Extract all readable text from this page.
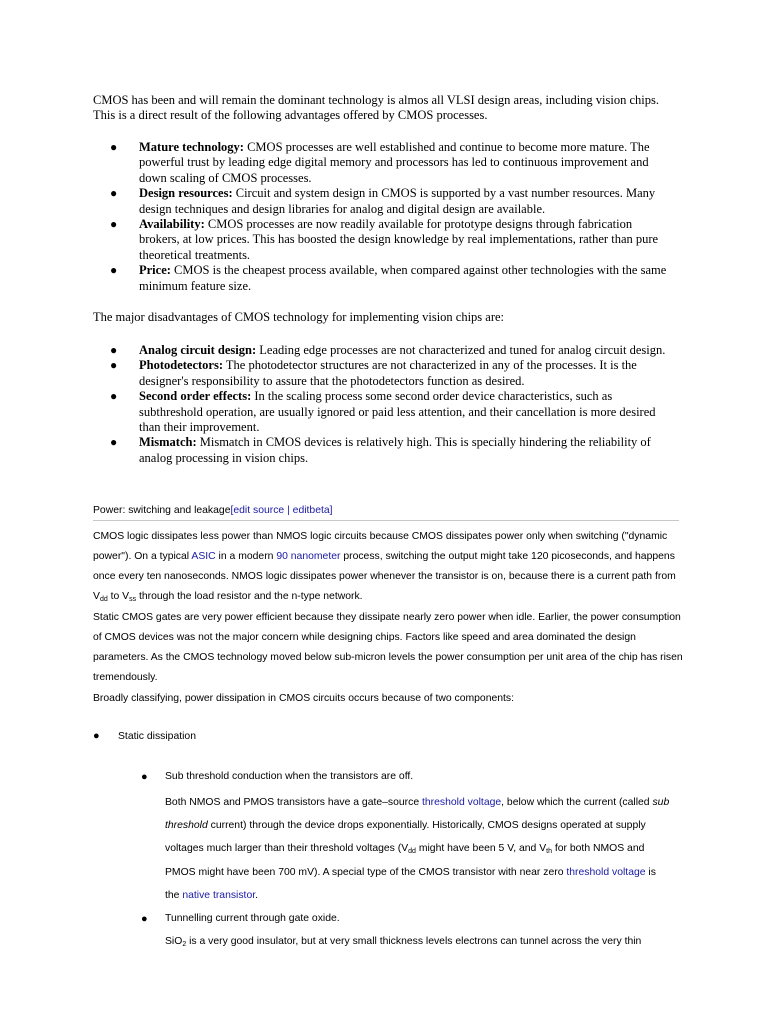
CMOS has been and will remain the dominant technology is almos all VLSI design areas, including vision chips. This is a direct result of the following advantages offered by CMOS processes.

● Mature technology: CMOS processes are well established and continue to become more mature. The powerful trust by leading edge digital memory and processors has led to continuous improvement and down scaling of CMOS processes.
● Design resources: Circuit and system design in CMOS is supported by a vast number resources. Many design techniques and design libraries for analog and digital design are available.
● Availability: CMOS processes are now readily available for prototype designs through fabrication brokers, at low prices. This has boosted the design knowledge by real implementations, rather than pure theoretical treatments.
● Price: CMOS is the cheapest process available, when compared against other technologies with the same minimum feature size.

The major disadvantages of CMOS technology for implementing vision chips are:

● Analog circuit design: Leading edge processes are not characterized and tuned for analog circuit design.
● Photodetectors: The photodetector structures are not characterized in any of the processes. It is the designer's responsibility to assure that the photodetectors function as desired.
● Second order effects: In the scaling process some second order device characteristics, such as subthreshold operation, are usually ignored or paid less attention, and their cancellation is more desired than their improvement.
● Mismatch: Mismatch in CMOS devices is relatively high. This is specially hindering the reliability of analog processing in vision chips.
Power: switching and leakage[edit source | editbeta]

CMOS logic dissipates less power than NMOS logic circuits because CMOS dissipates power only when switching ("dynamic power"). On a typical ASIC in a modern 90 nanometer process, switching the output might take 120 picoseconds, and happens once every ten nanoseconds. NMOS logic dissipates power whenever the transistor is on, because there is a current path from $V_{dd}$ to $V_{ss}$ through the load resistor and the n-type network.

Static CMOS gates are very power efficient because they dissipate nearly zero power when idle. Earlier, the power consumption of CMOS devices was not the major concern while designing chips. Factors like speed and area dominated the design parameters. As the CMOS technology moved below sub-micron levels the power consumption per unit area of the chip has risen tremendously.

Broadly classifying, power dissipation in CMOS circuits occurs because of two components:

● Static dissipation

● Sub threshold conduction when the transistors are off.

Both NMOS and PMOS transistors have a gate–source threshold voltage, below which the current (called sub threshold current) through the device drops exponentially. Historically, CMOS designs operated at supply voltages much larger than their threshold voltages ($V_{dd}$ might have been 5 V, and $V_{th}$ for both NMOS and PMOS might have been 700 mV). A special type of the CMOS transistor with near zero threshold voltage is the native transistor.

● Tunnelling current through gate oxide.

SiO$_2$ is a very good insulator, but at very small thickness levels electrons can tunnel across the very thin
